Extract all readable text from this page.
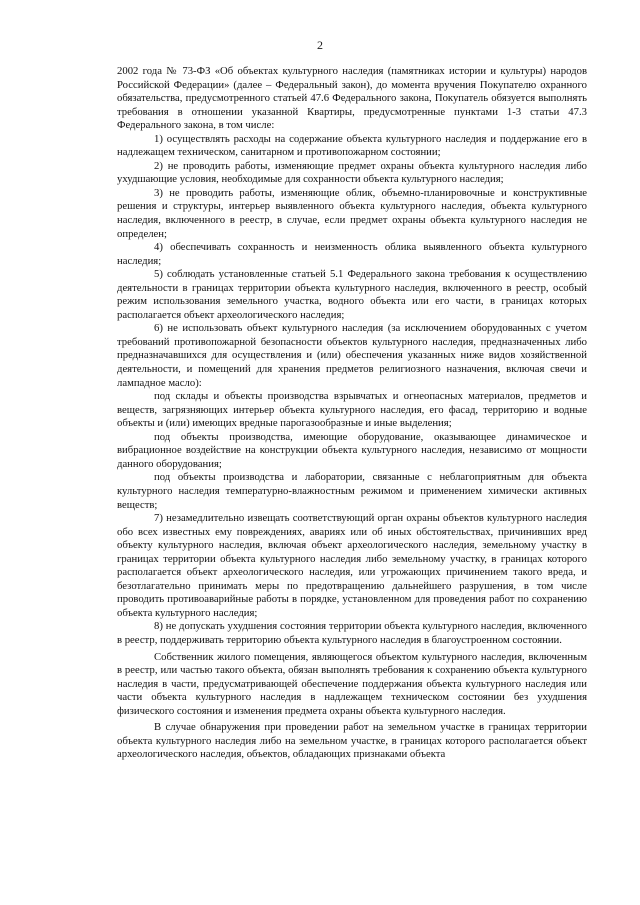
2

2002 года № 73-ФЗ «Об объектах культурного наследия (памятниках истории и культуры) народов Российской Федерации» (далее – Федеральный закон), до момента вручения Покупателю охранного обязательства, предусмотренного статьей 47.6 Федерального закона, Покупатель обязуется выполнять требования в отношении указанной Квартиры, предусмотренные пунктами 1-3 статьи 47.3 Федерального закона, в том числе:

1) осуществлять расходы на содержание объекта культурного наследия и поддержание его в надлежащем техническом, санитарном и противопожарном состоянии;

2) не проводить работы, изменяющие предмет охраны объекта культурного наследия либо ухудшающие условия, необходимые для сохранности объекта культурного наследия;

3) не проводить работы, изменяющие облик, объемно-планировочные и конструктивные решения и структуры, интерьер выявленного объекта культурного наследия, объекта культурного наследия, включенного в реестр, в случае, если предмет охраны объекта культурного наследия не определен;

4) обеспечивать сохранность и неизменность облика выявленного объекта культурного наследия;

5) соблюдать установленные статьей 5.1 Федерального закона требования к осуществлению деятельности в границах территории объекта культурного наследия, включенного в реестр, особый режим использования земельного участка, водного объекта или его части, в границах которых располагается объект археологического наследия;

6) не использовать объект культурного наследия (за исключением оборудованных с учетом требований противопожарной безопасности объектов культурного наследия, предназначенных либо предназначавшихся для осуществления и (или) обеспечения указанных ниже видов хозяйственной деятельности, и помещений для хранения предметов религиозного назначения, включая свечи и лампадное масло):

под склады и объекты производства взрывчатых и огнеопасных материалов, предметов и веществ, загрязняющих интерьер объекта культурного наследия, его фасад, территорию и водные объекты и (или) имеющих вредные парогазообразные и иные выделения;

под объекты производства, имеющие оборудование, оказывающее динамическое и вибрационное воздействие на конструкции объекта культурного наследия, независимо от мощности данного оборудования;

под объекты производства и лаборатории, связанные с неблагоприятным для объекта культурного наследия температурно-влажностным режимом и применением химически активных веществ;

7) незамедлительно извещать соответствующий орган охраны объектов культурного наследия обо всех известных ему повреждениях, авариях или об иных обстоятельствах, причинивших вред объекту культурного наследия, включая объект археологического наследия, земельному участку в границах территории объекта культурного наследия либо земельному участку, в границах которого располагается объект археологического наследия, или угрожающих причинением такого вреда, и безотлагательно принимать меры по предотвращению дальнейшего разрушения, в том числе проводить противоаварийные работы в порядке, установленном для проведения работ по сохранению объекта культурного наследия;

8) не допускать ухудшения состояния территории объекта культурного наследия, включенного в реестр, поддерживать территорию объекта культурного наследия в благоустроенном состоянии.

Собственник жилого помещения, являющегося объектом культурного наследия, включенным в реестр, или частью такого объекта, обязан выполнять требования к сохранению объекта культурного наследия в части, предусматривающей обеспечение поддержания объекта культурного наследия или части объекта культурного наследия в надлежащем техническом состоянии без ухудшения физического состояния и изменения предмета охраны объекта культурного наследия.

В случае обнаружения при проведении работ на земельном участке в границах территории объекта культурного наследия либо на земельном участке, в границах которого располагается объект археологического наследия, объектов, обладающих признаками объекта
